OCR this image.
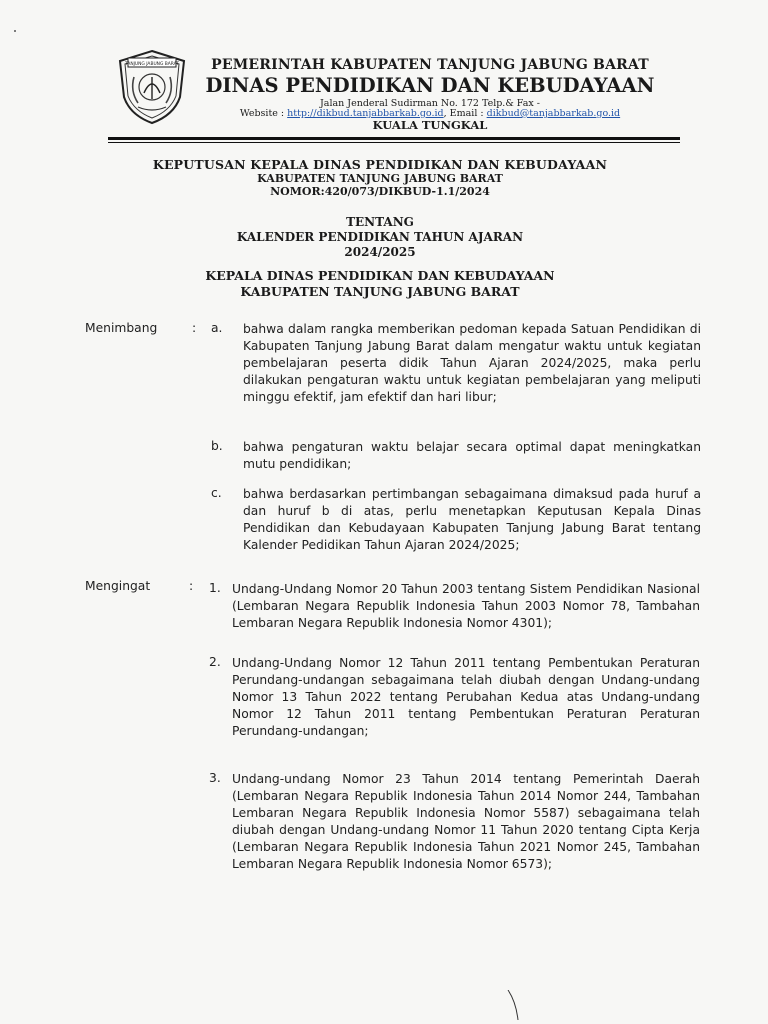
TANJUNG JABUNG BARAT	PEMERINTAH KABUPATEN TANJUNG JABUNG BARAT
DINAS PENDIDIKAN DAN KEBUDAYAAN
Jalan Jenderal Sudirman No. 172 Telp.& Fax -
Website : http://dikbud.tanjabbarkab.go.id, Email : dikbud@tanjabbarkab.go.id
KUALA TUNGKAL
KEPUTUSAN KEPALA DINAS PENDIDIKAN DAN KEBUDAYAAN
KABUPATEN TANJUNG JABUNG BARAT
NOMOR:420/073/DIKBUD-1.1/2024
TENTANG
KALENDER PENDIDIKAN TAHUN AJARAN
2024/2025
KEPALA DINAS PENDIDIKAN DAN KEBUDAYAAN
KABUPATEN TANJUNG JABUNG BARAT
Menimbang	: a. bahwa dalam rangka memberikan pedoman kepada Satuan Pendidikan di Kabupaten Tanjung Jabung Barat dalam mengatur waktu untuk kegiatan pembelajaran peserta didik Tahun Ajaran 2024/2025, maka perlu dilakukan pengaturan waktu untuk kegiatan pembelajaran yang meliputi minggu efektif, jam efektif dan hari libur;
b. bahwa pengaturan waktu belajar secara optimal dapat meningkatkan mutu pendidikan;
c. bahwa berdasarkan pertimbangan sebagaimana dimaksud pada huruf a dan huruf b di atas, perlu menetapkan Keputusan Kepala Dinas Pendidikan dan Kebudayaan Kabupaten Tanjung Jabung Barat tentang Kalender Pedidikan Tahun Ajaran 2024/2025;
Mengingat	: 1. Undang-Undang Nomor 20 Tahun 2003 tentang Sistem Pendidikan Nasional (Lembaran Negara Republik Indonesia Tahun 2003 Nomor 78, Tambahan Lembaran Negara Republik Indonesia Nomor 4301);
2. Undang-Undang Nomor 12 Tahun 2011 tentang Pembentukan Peraturan Perundang-undangan sebagaimana telah diubah dengan Undang-undang Nomor 13 Tahun 2022 tentang Perubahan Kedua atas Undang-undang Nomor 12 Tahun 2011 tentang Pembentukan Peraturan Peraturan Perundang-undangan;
3. Undang-undang Nomor 23 Tahun 2014 tentang Pemerintah Daerah (Lembaran Negara Republik Indonesia Tahun 2014 Nomor 244, Tambahan Lembaran Negara Republik Indonesia Nomor 5587) sebagaimana telah diubah dengan Undang-undang Nomor 11 Tahun 2020 tentang Cipta Kerja (Lembaran Negara Republik Indonesia Tahun 2021 Nomor 245, Tambahan Lembaran Negara Republik Indonesia Nomor 6573);
